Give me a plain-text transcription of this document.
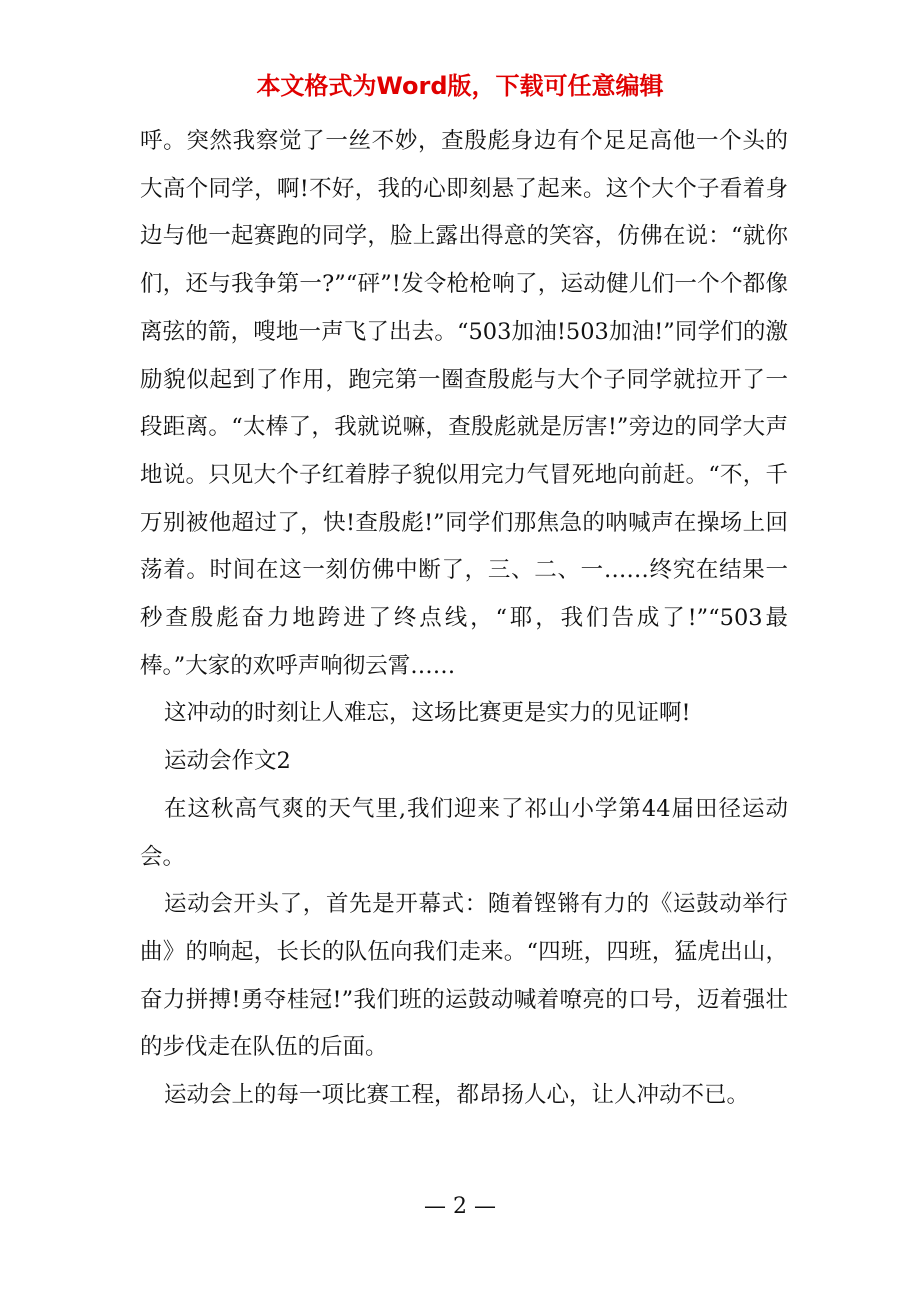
本文格式为Word版，下载可任意编辑

呼。突然我察觉了一丝不妙，查殷彪身边有个足足高他一个头的大高个同学，啊!不好，我的心即刻悬了起来。这个大个子看着身边与他一起赛跑的同学，脸上露出得意的笑容，仿佛在说：“就你们，还与我争第一?”“砰”!发令枪枪响了，运动健儿们一个个都像离弦的箭，嗖地一声飞了出去。“503加油!503加油!”同学们的激励貌似起到了作用，跑完第一圈查殷彪与大个子同学就拉开了一段距离。“太棒了，我就说嘛，查殷彪就是厉害!”旁边的同学大声地说。只见大个子红着脖子貌似用完力气冒死地向前赶。“不，千万别被他超过了，快!查殷彪!”同学们那焦急的呐喊声在操场上回荡着。时间在这一刻仿佛中断了，三、二、一……终究在结果一秒查殷彪奋力地跨进了终点线，“耶，我们告成了!”“503最棒。”大家的欢呼声响彻云霄……

这冲动的时刻让人难忘，这场比赛更是实力的见证啊!

运动会作文2

在这秋高气爽的天气里,我们迎来了祁山小学第44届田径运动会。

运动会开头了，首先是开幕式：随着铿锵有力的《运鼓动举行曲》的响起，长长的队伍向我们走来。“四班，四班，猛虎出山，奋力拼搏!勇夺桂冠!”我们班的运鼓动喊着嘹亮的口号，迈着强壮的步伐走在队伍的后面。

运动会上的每一项比赛工程，都昂扬人心，让人冲动不已。

— 2 —
